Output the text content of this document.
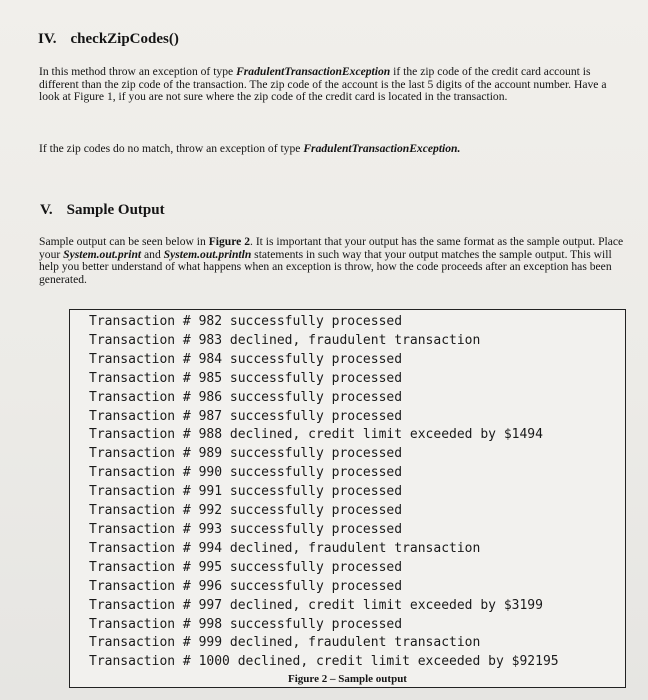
IV. checkZipCodes()
In this method throw an exception of type FradulentTransactionException if the zip code of the credit card account is different than the zip code of the transaction. The zip code of the account is the last 5 digits of the account number. Have a look at Figure 1, if you are not sure where the zip code of the credit card is located in the transaction.
If the zip codes do no match, throw an exception of type FradulentTransactionException.
V. Sample Output
Sample output can be seen below in Figure 2. It is important that your output has the same format as the sample output. Place your System.out.print and System.out.println statements in such way that your output matches the sample output. This will help you better understand of what happens when an exception is throw, how the code proceeds after an exception has been generated.
Transaction # 982 successfully processed
Transaction # 983 declined, fraudulent transaction
Transaction # 984 successfully processed
Transaction # 985 successfully processed
Transaction # 986 successfully processed
Transaction # 987 successfully processed
Transaction # 988 declined, credit limit exceeded by $1494
Transaction # 989 successfully processed
Transaction # 990 successfully processed
Transaction # 991 successfully processed
Transaction # 992 successfully processed
Transaction # 993 successfully processed
Transaction # 994 declined, fraudulent transaction
Transaction # 995 successfully processed
Transaction # 996 successfully processed
Transaction # 997 declined, credit limit exceeded by $3199
Transaction # 998 successfully processed
Transaction # 999 declined, fraudulent transaction
Transaction # 1000 declined, credit limit exceeded by $92195
Figure 2 – Sample output
